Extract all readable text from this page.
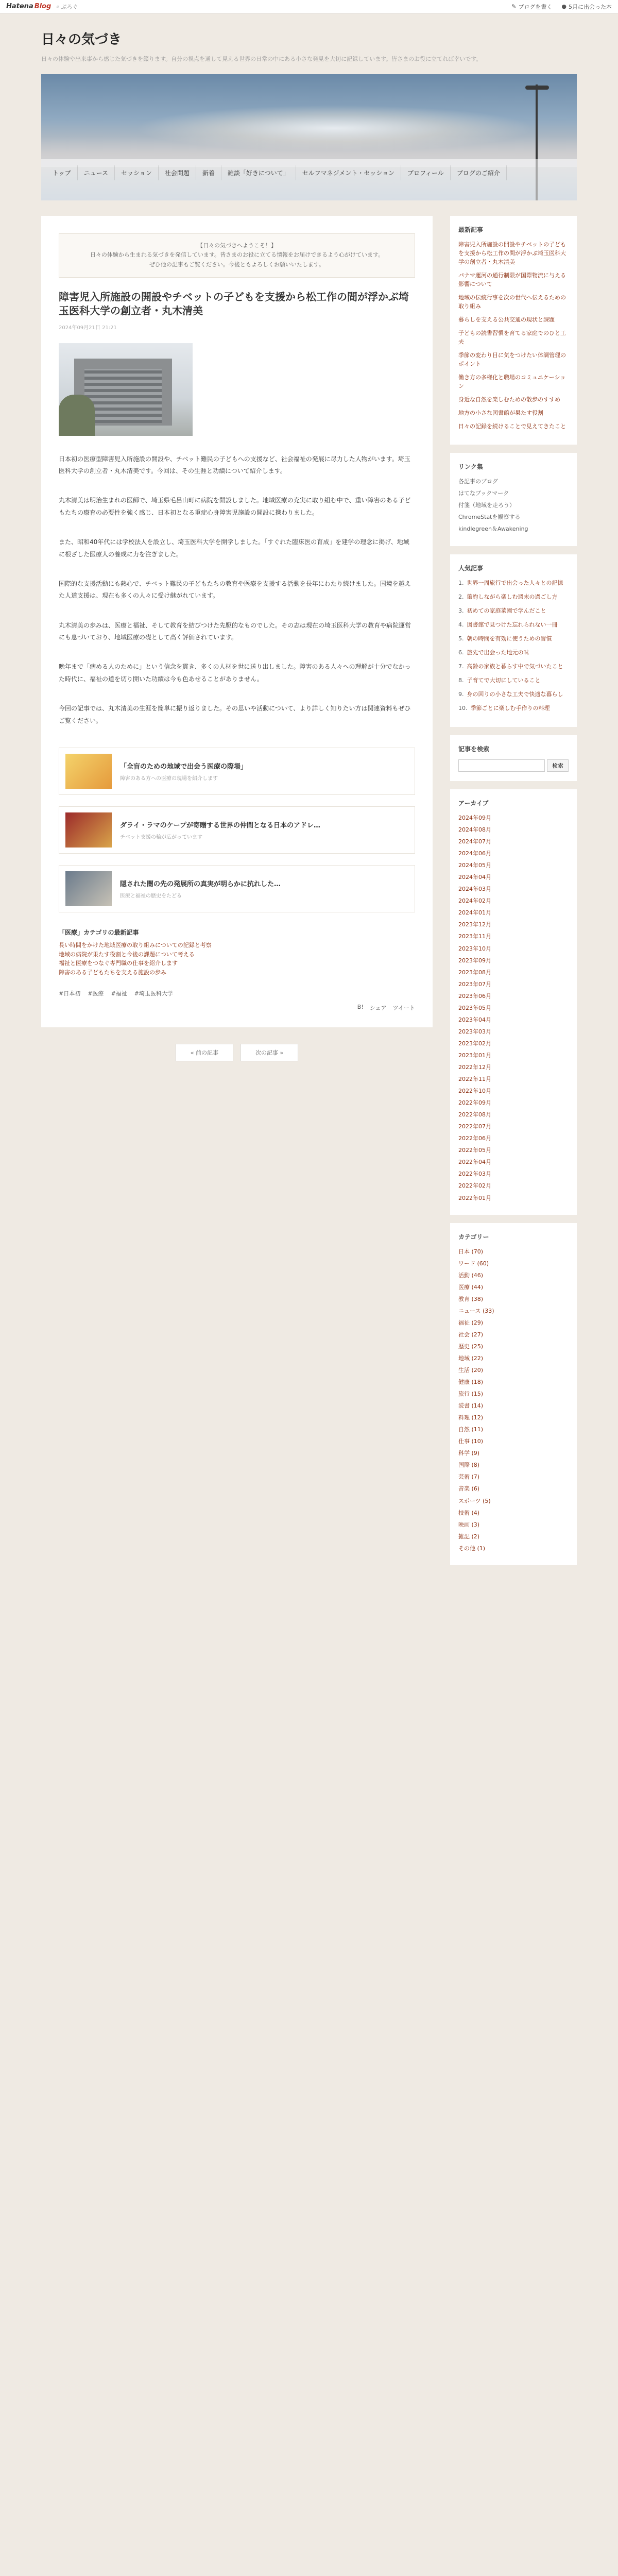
Hatena Blog ⌕ ぶろぐ	✎ ブログを書く ● 5月に出会った本
日々の気づき
日々の体験や出来事から感じた気づきを綴ります。自分の視点を通して見える世界の日常の中にある小さな発見を大切に記録しています。皆さまのお役に立てれば幸いです。
トップ	ニュース	セッション	社会問題	新着	雑談「好きについて」	セルフマネジメント・セッション	プロフィール	ブログのご紹介

【日々の気づきへようこそ！】

日々の体験から生まれる気づきを発信しています。皆さまのお役に立てる情報をお届けできるよう心がけています。

ぜひ他の記事もご覧ください。今後ともよろしくお願いいたします。

障害児入所施設の開設やチベットの子どもを支援から松工作の間が浮かぶ埼玉医科大学の創立者・丸木清美
2024年09月21日 21:21

日本初の医療型障害児入所施設の開設や、チベット難民の子どもへの支援など、社会福祉の発展に尽力した人物がいます。埼玉医科大学の創立者・丸木清美です。今回は、その生涯と功績について紹介します。

丸木清美は明治生まれの医師で、埼玉県毛呂山町に病院を開設しました。地域医療の充実に取り組む中で、重い障害のある子どもたちの療育の必要性を強く感じ、日本初となる重症心身障害児施設の開設に携わりました。

また、昭和40年代には学校法人を設立し、埼玉医科大学を開学しました。「すぐれた臨床医の育成」を建学の理念に掲げ、地域に根ざした医療人の養成に力を注ぎました。

国際的な支援活動にも熱心で、チベット難民の子どもたちの教育や医療を支援する活動を長年にわたり続けました。国境を越えた人道支援は、現在も多くの人々に受け継がれています。

丸木清美の歩みは、医療と福祉、そして教育を結びつけた先駆的なものでした。その志は現在の埼玉医科大学の教育や病院運営にも息づいており、地域医療の礎として高く評価されています。

晩年まで「病める人のために」という信念を貫き、多くの人材を世に送り出しました。障害のある人々への理解が十分でなかった時代に、福祉の道を切り開いた功績は今も色あせることがありません。

今回の記事では、丸木清美の生涯を簡単に振り返りました。その思いや活動について、より詳しく知りたい方は関連資料もぜひご覧ください。

「全盲のための地域で出会う医療の際場」
障害のある方への医療の現場を紹介します
ダライ・ラマのケープが寄贈する世界の仲間となる日本のアドレ…
チベット支援の輪が広がっています
隠された闇の先の発展所の真実が明らかに抗れした…
医療と福祉の歴史をたどる
「医療」カテゴリの最新記事
長い時間をかけた地域医療の取り組みについての記録と考察
地域の病院が果たす役割と今後の課題について考える
福祉と医療をつなぐ専門職の仕事を紹介します
障害のある子どもたちを支える施設の歩み
#日本初 #医療 #福祉 #埼玉医科大学
B! シェア ツイート
« 前の記事	次の記事 »
最新記事
障害児入所施設の開設やチベットの子どもを支援から松工作の間が浮かぶ埼玉医科大学の創立者・丸木清美
パナマ運河の通行制限が国際物流に与える影響について
地域の伝統行事を次の世代へ伝えるための取り組み
暮らしを支える公共交通の現状と課題
子どもの読書習慣を育てる家庭でのひと工夫
季節の変わり目に気をつけたい体調管理のポイント
働き方の多様化と職場のコミュニケーション
身近な自然を楽しむための散歩のすすめ
地方の小さな図書館が果たす役割
日々の記録を続けることで見えてきたこと
リンク集
各記事のブログ
はてなブックマーク
付箋（地域を走ろう）
ChromeStatを観察する
kindlegreen＆Awakening
人気記事
1. 世界一周旅行で出会った人々との記憶
2. 節約しながら楽しむ週末の過ごし方
3. 初めての家庭菜園で学んだこと
4. 図書館で見つけた忘れられない一冊
5. 朝の時間を有効に使うための習慣
6. 旅先で出会った地元の味
7. 高齢の家族と暮らす中で気づいたこと
8. 子育てで大切にしていること
9. 身の回りの小さな工夫で快適な暮らし
10. 季節ごとに楽しむ手作りの料理
記事を検索
検索
アーカイブ
2024年09月
2024年08月
2024年07月
2024年06月
2024年05月
2024年04月
2024年03月
2024年02月
2024年01月
2023年12月
2023年11月
2023年10月
2023年09月
2023年08月
2023年07月
2023年06月
2023年05月
2023年04月
2023年03月
2023年02月
2023年01月
2022年12月
2022年11月
2022年10月
2022年09月
2022年08月
2022年07月
2022年06月
2022年05月
2022年04月
2022年03月
2022年02月
2022年01月
カテゴリー
日本 (70)
ワード (60)
活動 (46)
医療 (44)
教育 (38)
ニュース (33)
福祉 (29)
社会 (27)
歴史 (25)
地域 (22)
生活 (20)
健康 (18)
旅行 (15)
読書 (14)
料理 (12)
自然 (11)
仕事 (10)
科学 (9)
国際 (8)
芸術 (7)
音楽 (6)
スポーツ (5)
技術 (4)
映画 (3)
雑記 (2)
その他 (1)
